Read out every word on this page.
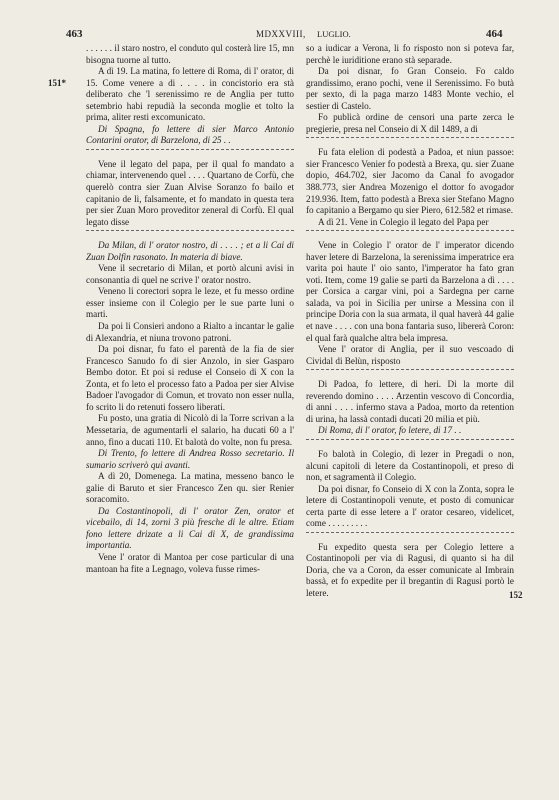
463	MDXXVIII, LUGLIO.	464
151*
152

. . . . . . il staro nostro, el conduto qul costerà lire 15, mn bisogna tuorne al tutto.

A dì 19. La matina, fo lettere di Roma, di l' orator, di 15. Come venere a di . . . . in concistorio era stà deliberato che 'l serenissimo re de Anglia per tutto setembrio habi repudià la seconda moglie et tolto la prima, aliter resti excomunicato.

Di Spagna, fo lettere di sier Marco Antonio Contarini orator, di Barzelona, di 25 . .

Vene il legato del papa, per il qual fo mandato a chiamar, intervenendo quel . . . . Quartano de Corfù, che querelò contra sier Zuan Alvise Soranzo fo bailo et capitanio de lì, falsamente, et fo mandato in questa tera per sier Zuan Moro proveditor zeneral di Corfù. El qual legato disse

Da Milan, di l' orator nostro, di . . . . ; et a li Cai di Zuan Dolfin rasonato. In materia di biave.

Vene il secretario di Milan, et portò alcuni avisi in consonantia di quel ne scrive l' orator nostro.

Veneno li corectori sopra le leze, et fu messo ordine esser insieme con il Colegio per le sue parte luni o marti.

Da poi li Consieri andono a Rialto a incantar le galie di Alexandria, et niuna trovono patroni.

Da poi disnar, fu fato el parentà de la fia de sier Francesco Sanudo fo di sier Anzolo, in sier Gasparo Bembo dotor. Et poi si reduse el Conseio di X con la Zonta, et fo leto el processo fato a Padoa per sier Alvise Badoer l'avogador di Comun, et trovato non esser nulla, fo scrito li do retenuti fossero liberati.

Fu posto, una gratia di Nicolò di la Torre scrivan a la Messetaria, de agumentarli el salario, ha ducati 60 a l' anno, fino a ducati 110. Et balotà do volte, non fu presa.

Di Trento, fo lettere di Andrea Rosso secretario. Il sumario scriverò qui avanti.

A dì 20, Domenega. La matina, messeno banco le galie di Baruto et sier Francesco Zen qu. sier Renier soracomito.

Da Costantinopoli, di l' orator Zen, orator et vicebailo, di 14, zorni 3 più fresche di le altre. Etiam fono lettere drizate a li Cai di X, de grandissima importantia.

Vene l' orator di Mantoa per cose particular di una mantoan ha fite a Legnago, voleva fusse rimes-

so a iudicar a Verona, li fo risposto non si poteva far, perchè le iuriditione erano stà separade.

Da poi disnar, fo Gran Conseio. Fo caldo grandissimo, erano pochi, vene il Serenissimo. Fo butà per sexto, di la paga marzo 1483 Monte vechio, el sestier di Castelo.

Fo publicà ordine de censori una parte zerca le pregierie, presa nel Conseio di X dil 1489, a di

Fu fata elelion di podestà a Padoa, et niun passoe: sier Francesco Venier fo podestà a Brexa, qu. sier Zuane dopio, 464.702, sier Jacomo da Canal fo avogador 388.773, sier Andrea Mozenigo el dottor fo avogador 219.936. Item, fatto podestà a Brexa sier Stefano Magno fo capitanio a Bergamo qu sier Piero, 612.582 et rimase.

A dì 21. Vene in Colegio il legato del Papa per

Vene in Colegio l' orator de l' imperator dicendo haver letere di Barzelona, la serenissima imperatrice era varita poi haute l' oio santo, l'imperator ha fato gran voti. Item, come 19 galie se partì da Barzelona a dì . . . . per Corsica a cargar vini, poi a Sardegna per carne salada, va poi in Sicilia per unirse a Messina con il principe Doria con la sua armata, il qual haverà 44 galie et nave . . . . con una bona fantaria suso, libererà Coron: el qual farà qualche altra bela impresa.

Vene l' orator di Anglia, per il suo vescoado di Cividal di Belùn, risposto

Di Padoa, fo lettere, di heri. Di la morte dil reverendo domino . . . . Arzentin vescovo di Concordia, di anni . . . . infermo stava a Padoa, morto da retention di urina, ha lassà contadi ducati 20 milia et più.

Di Roma, di l' orator, fo letere, di 17 . .

Fo balotà in Colegio, di lezer in Pregadi o non, alcuni capitoli di letere da Costantinopoli, et preso di non, et sagramentà il Colegio.

Da poi disnar, fo Conseio di X con la Zonta, sopra le letere di Costantinopoli venute, et posto di comunicar certa parte di esse letere a l' orator cesareo, videlicet, come . . . . . . . . .

Fu expedito questa sera per Colegio lettere a Costantinopoli per via di Ragusi, di quanto si ha dil Doria, che va a Coron, da esser comunicate al Imbrain bassà, et fo expedite per il bregantin di Ragusi portò le letere.
